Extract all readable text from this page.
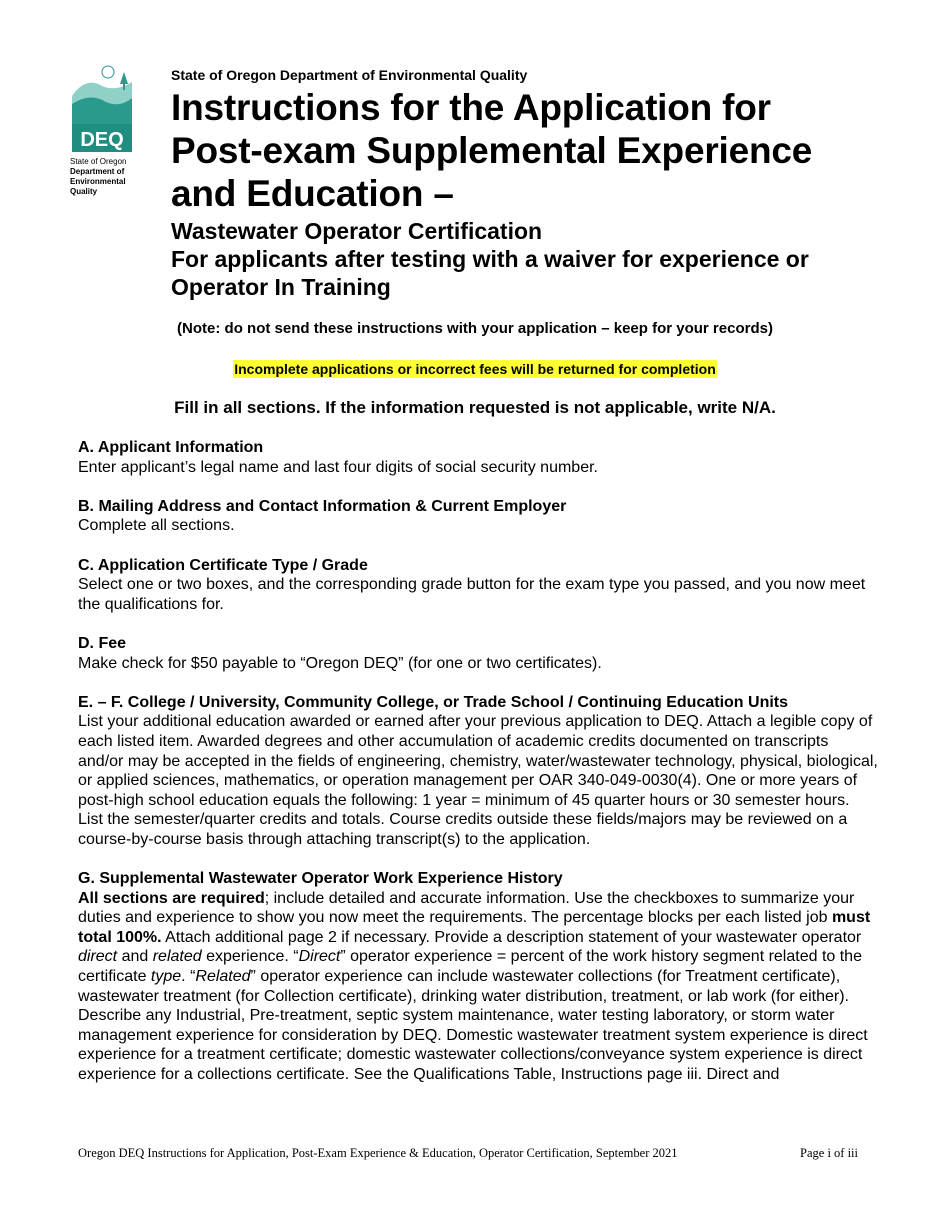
DEQ
State of Oregon
Department of
Environmental
Quality
State of Oregon Department of Environmental Quality
Instructions for the Application for
Post-exam Supplemental Experience
and Education –
Wastewater Operator Certification
For applicants after testing with a waiver for experience or
Operator In Training
(Note: do not send these instructions with your application – keep for your records)
Incomplete applications or incorrect fees will be returned for completion
Fill in all sections. If the information requested is not applicable, write N/A.
A. Applicant Information
Enter applicant’s legal name and last four digits of social security number.
B. Mailing Address and Contact Information & Current Employer
Complete all sections.
C. Application Certificate Type / Grade
Select one or two boxes, and the corresponding grade button for the exam type you passed, and you now meet the qualifications for.
D. Fee
Make check for $50 payable to “Oregon DEQ” (for one or two certificates).
E. – F. College / University, Community College, or Trade School / Continuing Education Units
List your additional education awarded or earned after your previous application to DEQ. Attach a legible copy of each listed item. Awarded degrees and other accumulation of academic credits documented on transcripts and/or may be accepted in the fields of engineering, chemistry, water/wastewater technology, physical, biological, or applied sciences, mathematics, or operation management per OAR 340-049-0030(4). One or more years of post-high school education equals the following: 1 year = minimum of 45 quarter hours or 30 semester hours. List the semester/quarter credits and totals. Course credits outside these fields/majors may be reviewed on a course-by-course basis through attaching transcript(s) to the application.
G. Supplemental Wastewater Operator Work Experience History
All sections are required; include detailed and accurate information. Use the checkboxes to summarize your duties and experience to show you now meet the requirements. The percentage blocks per each listed job must total 100%. Attach additional page 2 if necessary. Provide a description statement of your wastewater operator direct and related experience. “Direct” operator experience = percent of the work history segment related to the certificate type. “Related” operator experience can include wastewater collections (for Treatment certificate), wastewater treatment (for Collection certificate), drinking water distribution, treatment, or lab work (for either). Describe any Industrial, Pre-treatment, septic system maintenance, water testing laboratory, or storm water management experience for consideration by DEQ. Domestic wastewater treatment system experience is direct experience for a treatment certificate; domestic wastewater collections/conveyance system experience is direct experience for a collections certificate. See the Qualifications Table, Instructions page iii. Direct and
Oregon DEQ Instructions for Application, Post-Exam Experience & Education, Operator Certification, September 2021	Page i of iii
